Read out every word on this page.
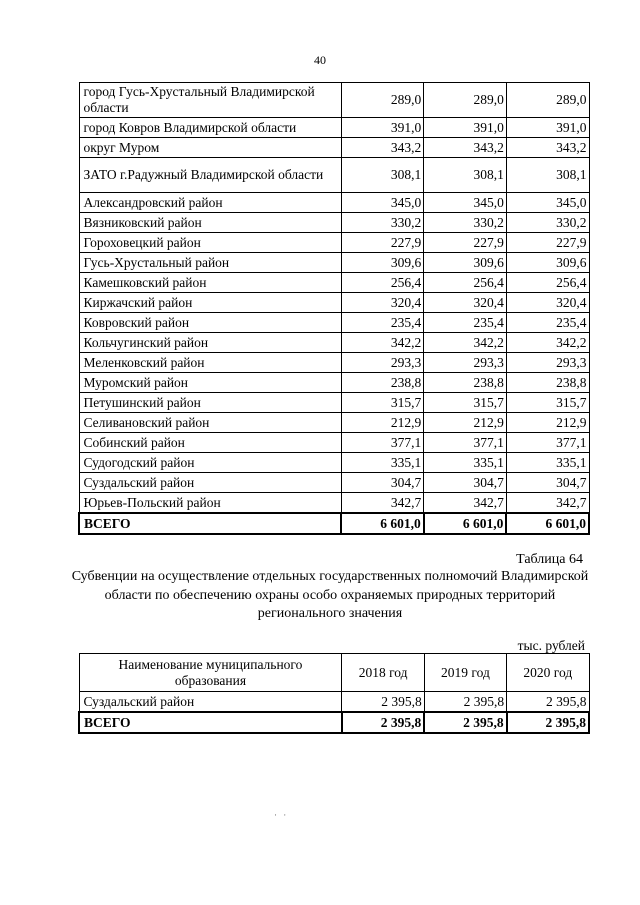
40
город Гусь-Хрустальный Владимирской области	289,0	289,0	289,0
город Ковров Владимирской области	391,0	391,0	391,0
округ Муром	343,2	343,2	343,2
ЗАТО г.Радужный Владимирской области	308,1	308,1	308,1
Александровский район	345,0	345,0	345,0
Вязниковский район	330,2	330,2	330,2
Гороховецкий район	227,9	227,9	227,9
Гусь-Хрустальный район	309,6	309,6	309,6
Камешковский район	256,4	256,4	256,4
Киржачский район	320,4	320,4	320,4
Ковровский район	235,4	235,4	235,4
Кольчугинский район	342,2	342,2	342,2
Меленковский район	293,3	293,3	293,3
Муромский район	238,8	238,8	238,8
Петушинский район	315,7	315,7	315,7
Селивановский район	212,9	212,9	212,9
Собинский район	377,1	377,1	377,1
Судогодский район	335,1	335,1	335,1
Суздальский район	304,7	304,7	304,7
Юрьев-Польский район	342,7	342,7	342,7
ВСЕГО	6 601,0	6 601,0	6 601,0
Таблица 64
Субвенции на осуществление отдельных государственных полномочий Владимирской области по обеспечению охраны особо охраняемых природных территорий регионального значения
тыс. рублей
Наименование муниципального образования	2018 год	2019 год	2020 год
Суздальский район	2 395,8	2 395,8	2 395,8
ВСЕГО	2 395,8	2 395,8	2 395,8
· ·
